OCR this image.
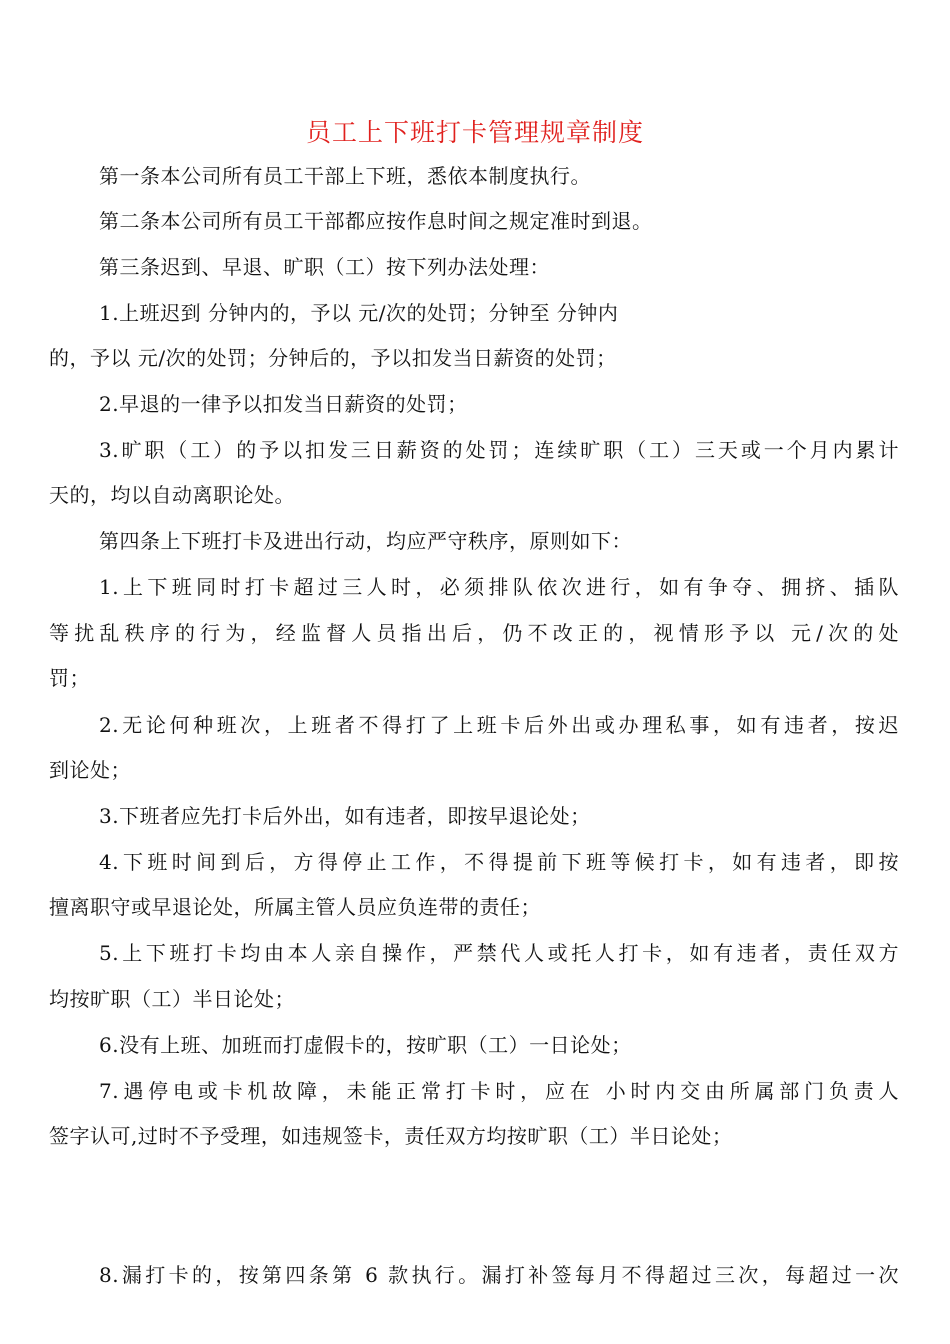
员工上下班打卡管理规章制度
第一条本公司所有员工干部上下班，悉依本制度执行。
第二条本公司所有员工干部都应按作息时间之规定准时到退。
第三条迟到、早退、旷职（工）按下列办法处理：
1.上班迟到 分钟内的，予以 元/次的处罚；分钟至 分钟内
的，予以 元/次的处罚；分钟后的，予以扣发当日薪资的处罚；
2.早退的一律予以扣发当日薪资的处罚；
3.旷职（工）的予以扣发三日薪资的处罚；连续旷职（工）三天或一个月内累计
天的，均以自动离职论处。
第四条上下班打卡及进出行动，均应严守秩序，原则如下：
1.上下班同时打卡超过三人时，必须排队依次进行，如有争夺、拥挤、插队
等扰乱秩序的行为，经监督人员指出后，仍不改正的，视情形予以 元/次的处
罚；
2.无论何种班次，上班者不得打了上班卡后外出或办理私事，如有违者，按迟
到论处；
3.下班者应先打卡后外出，如有违者，即按早退论处；
4.下班时间到后，方得停止工作，不得提前下班等候打卡，如有违者，即按
擅离职守或早退论处，所属主管人员应负连带的责任；
5.上下班打卡均由本人亲自操作，严禁代人或托人打卡，如有违者，责任双方
均按旷职（工）半日论处；
6.没有上班、加班而打虚假卡的，按旷职（工）一日论处；
7.遇停电或卡机故障，未能正常打卡时，应在 小时内交由所属部门负责人
签字认可,过时不予受理，如违规签卡，责任双方均按旷职（工）半日论处；
8.漏打卡的，按第四条第 6 款执行。漏打补签每月不得超过三次，每超过一次
